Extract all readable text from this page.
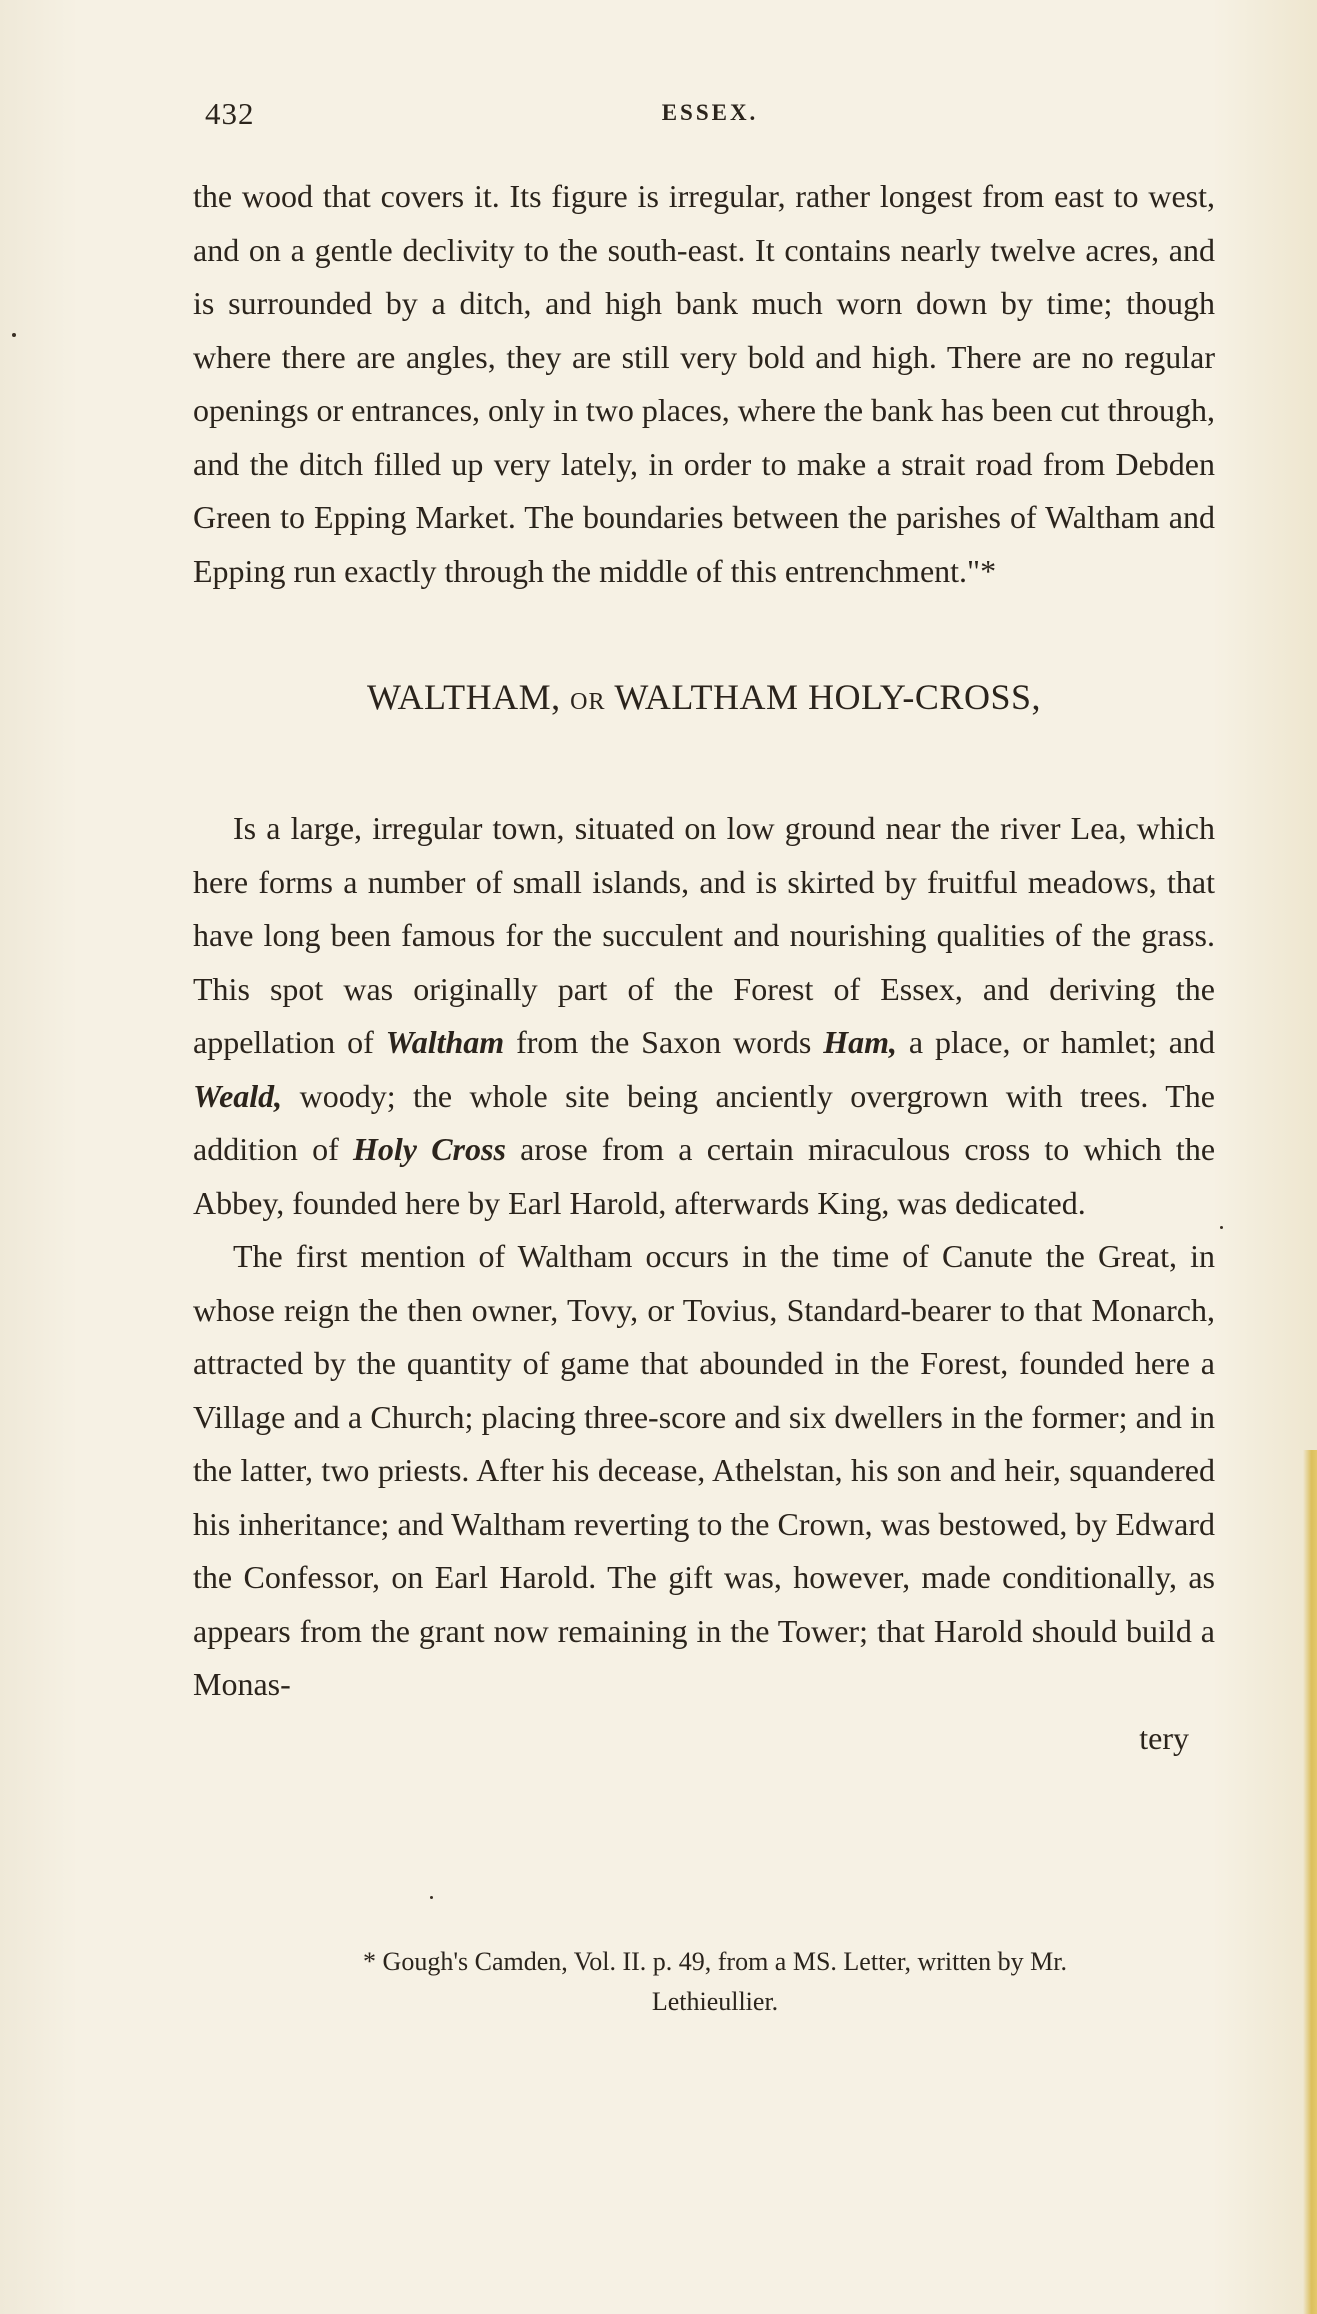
432	ESSEX.

the wood that covers it. Its figure is irregular, rather longest from east to west, and on a gentle declivity to the south-east. It contains nearly twelve acres, and is surrounded by a ditch, and high bank much worn down by time; though where there are angles, they are still very bold and high. There are no regular openings or entrances, only in two places, where the bank has been cut through, and the ditch filled up very lately, in order to make a strait road from Debden Green to Epping Market. The boundaries between the parishes of Waltham and Epping run exactly through the middle of this entrenchment."*

WALTHAM, OR WALTHAM HOLY-CROSS,

Is a large, irregular town, situated on low ground near the river Lea, which here forms a number of small islands, and is skirted by fruitful meadows, that have long been famous for the succulent and nourishing qualities of the grass. This spot was originally part of the Forest of Essex, and deriving the appellation of Waltham from the Saxon words Ham, a place, or hamlet; and Weald, woody; the whole site being anciently overgrown with trees. The addition of Holy Cross arose from a certain miraculous cross to which the Abbey, founded here by Earl Harold, afterwards King, was dedicated.

The first mention of Waltham occurs in the time of Canute the Great, in whose reign the then owner, Tovy, or Tovius, Standard-bearer to that Monarch, attracted by the quantity of game that abounded in the Forest, founded here a Village and a Church; placing three-score and six dwellers in the former; and in the latter, two priests. After his decease, Athelstan, his son and heir, squandered his inheritance; and Waltham reverting to the Crown, was bestowed, by Edward the Confessor, on Earl Harold. The gift was, however, made conditionally, as appears from the grant now remaining in the Tower; that Harold should build a Monas-

tery

* Gough's Camden, Vol. II. p. 49, from a MS. Letter, written by Mr.
Lethieullier.
